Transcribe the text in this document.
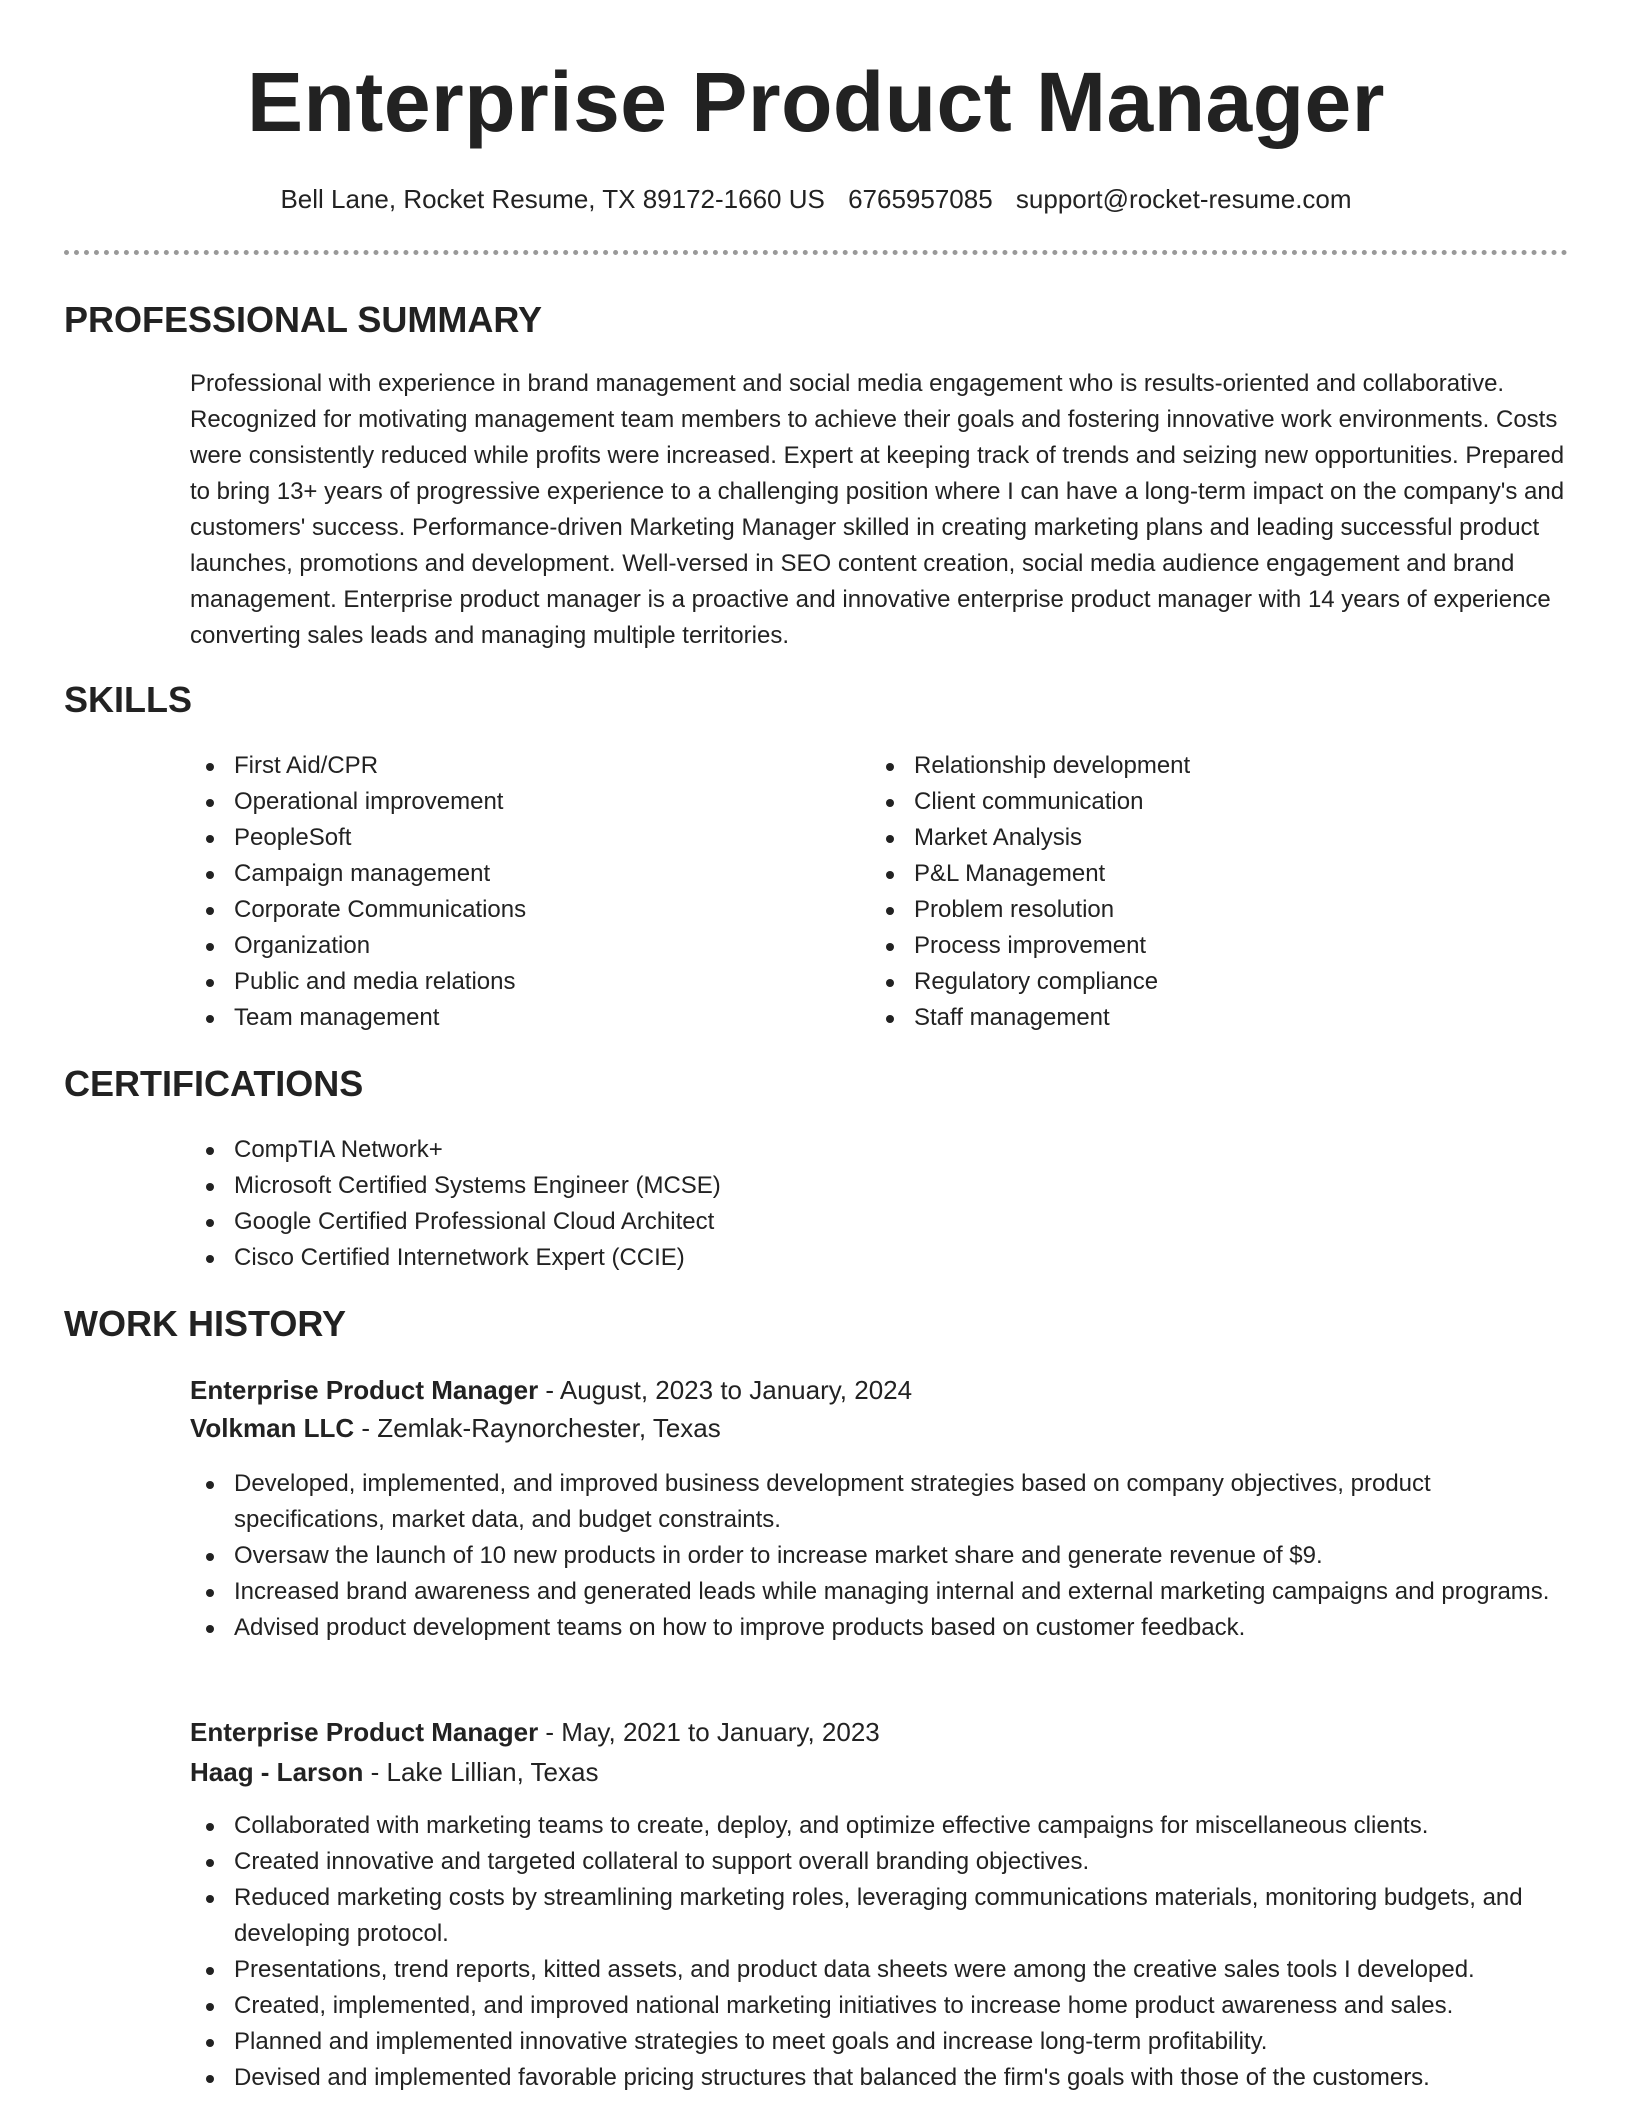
Enterprise Product Manager
Bell Lane, Rocket Resume, TX 89172-1660 US 6765957085 support@rocket-resume.com
PROFESSIONAL SUMMARY

Professional with experience in brand management and social media engagement who is results-oriented and collaborative. Recognized for motivating management team members to achieve their goals and fostering innovative work environments. Costs were consistently reduced while profits were increased. Expert at keeping track of trends and seizing new opportunities. Prepared to bring 13+ years of progressive experience to a challenging position where I can have a long-term impact on the company's and customers' success. Performance-driven Marketing Manager skilled in creating marketing plans and leading successful product launches, promotions and development. Well-versed in SEO content creation, social media audience engagement and brand management. Enterprise product manager is a proactive and innovative enterprise product manager with 14 years of experience converting sales leads and managing multiple territories.

SKILLS
First Aid/CPR
Operational improvement
PeopleSoft
Campaign management
Corporate Communications
Organization
Public and media relations
Team management
Relationship development
Client communication
Market Analysis
P&L Management
Problem resolution
Process improvement
Regulatory compliance
Staff management
CERTIFICATIONS
CompTIA Network+
Microsoft Certified Systems Engineer (MCSE)
Google Certified Professional Cloud Architect
Cisco Certified Internetwork Expert (CCIE)
WORK HISTORY
Enterprise Product Manager - August, 2023 to January, 2024
Volkman LLC - Zemlak-Raynorchester, Texas
Developed, implemented, and improved business development strategies based on company objectives, product specifications, market data, and budget constraints.
Oversaw the launch of 10 new products in order to increase market share and generate revenue of $9.
Increased brand awareness and generated leads while managing internal and external marketing campaigns and programs.
Advised product development teams on how to improve products based on customer feedback.
Enterprise Product Manager - May, 2021 to January, 2023
Haag - Larson - Lake Lillian, Texas
Collaborated with marketing teams to create, deploy, and optimize effective campaigns for miscellaneous clients.
Created innovative and targeted collateral to support overall branding objectives.
Reduced marketing costs by streamlining marketing roles, leveraging communications materials, monitoring budgets, and developing protocol.
Presentations, trend reports, kitted assets, and product data sheets were among the creative sales tools I developed.
Created, implemented, and improved national marketing initiatives to increase home product awareness and sales.
Planned and implemented innovative strategies to meet goals and increase long-term profitability.
Devised and implemented favorable pricing structures that balanced the firm's goals with those of the customers.
